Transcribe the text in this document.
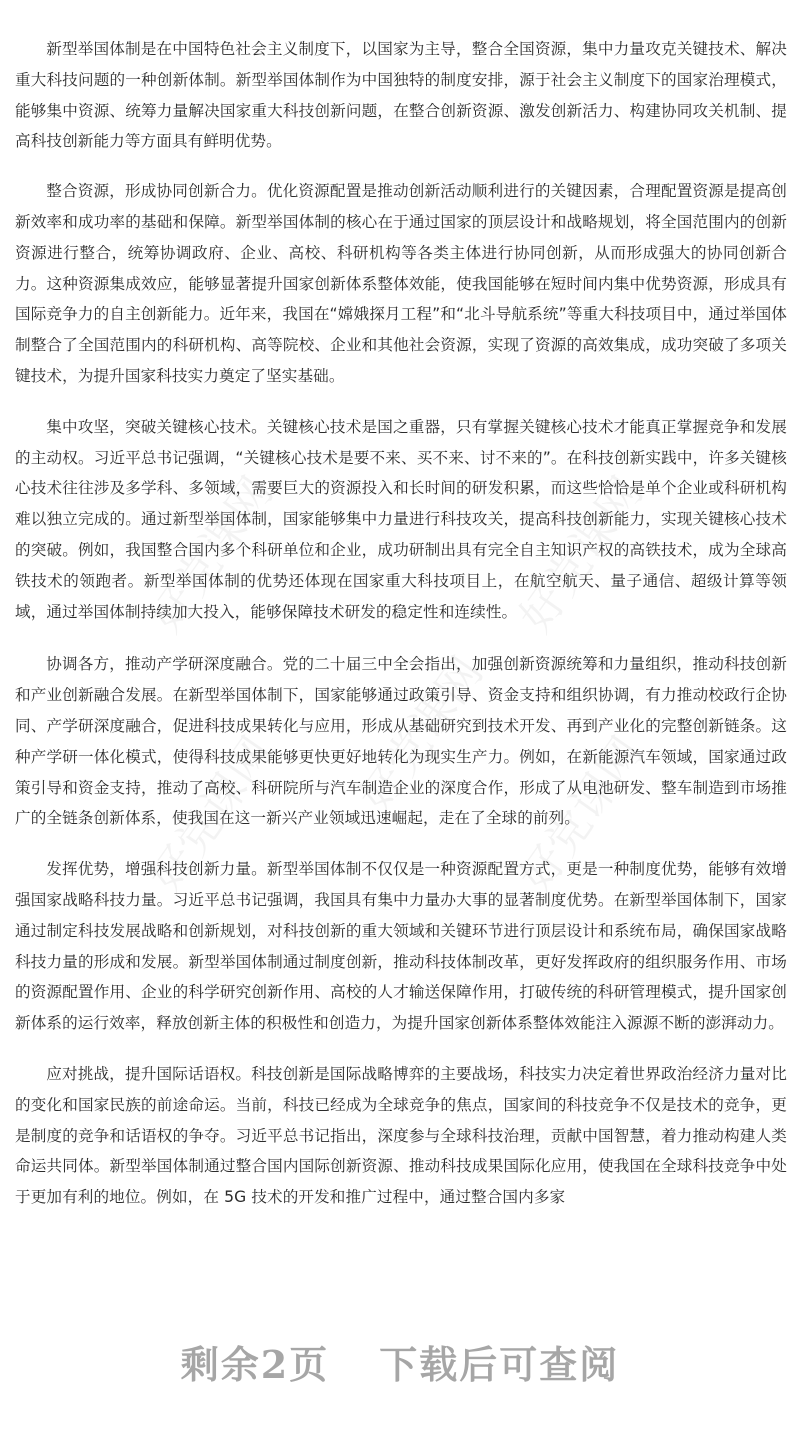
好党课网
好党课网	好党课网
好党课网	好党课网

新型举国体制是在中国特色社会主义制度下，以国家为主导，整合全国资源，集中力量攻克关键技术、解决重大科技问题的一种创新体制。新型举国体制作为中国独特的制度安排，源于社会主义制度下的国家治理模式，能够集中资源、统筹力量解决国家重大科技创新问题，在整合创新资源、激发创新活力、构建协同攻关机制、提高科技创新能力等方面具有鲜明优势。

整合资源，形成协同创新合力。优化资源配置是推动创新活动顺利进行的关键因素，合理配置资源是提高创新效率和成功率的基础和保障。新型举国体制的核心在于通过国家的顶层设计和战略规划，将全国范围内的创新资源进行整合，统筹协调政府、企业、高校、科研机构等各类主体进行协同创新，从而形成强大的协同创新合力。这种资源集成效应，能够显著提升国家创新体系整体效能，使我国能够在短时间内集中优势资源，形成具有国际竞争力的自主创新能力。近年来，我国在“嫦娥探月工程”和“北斗导航系统”等重大科技项目中，通过举国体制整合了全国范围内的科研机构、高等院校、企业和其他社会资源，实现了资源的高效集成，成功突破了多项关键技术，为提升国家科技实力奠定了坚实基础。

集中攻坚，突破关键核心技术。关键核心技术是国之重器，只有掌握关键核心技术才能真正掌握竞争和发展的主动权。习近平总书记强调，“关键核心技术是要不来、买不来、讨不来的”。在科技创新实践中，许多关键核心技术往往涉及多学科、多领域，需要巨大的资源投入和长时间的研发积累，而这些恰恰是单个企业或科研机构难以独立完成的。通过新型举国体制，国家能够集中力量进行科技攻关，提高科技创新能力，实现关键核心技术的突破。例如，我国整合国内多个科研单位和企业，成功研制出具有完全自主知识产权的高铁技术，成为全球高铁技术的领跑者。新型举国体制的优势还体现在国家重大科技项目上，在航空航天、量子通信、超级计算等领域，通过举国体制持续加大投入，能够保障技术研发的稳定性和连续性。

协调各方，推动产学研深度融合。党的二十届三中全会指出，加强创新资源统筹和力量组织，推动科技创新和产业创新融合发展。在新型举国体制下，国家能够通过政策引导、资金支持和组织协调，有力推动校政行企协同、产学研深度融合，促进科技成果转化与应用，形成从基础研究到技术开发、再到产业化的完整创新链条。这种产学研一体化模式，使得科技成果能够更快更好地转化为现实生产力。例如，在新能源汽车领域，国家通过政策引导和资金支持，推动了高校、科研院所与汽车制造企业的深度合作，形成了从电池研发、整车制造到市场推广的全链条创新体系，使我国在这一新兴产业领域迅速崛起，走在了全球的前列。

发挥优势，增强科技创新力量。新型举国体制不仅仅是一种资源配置方式，更是一种制度优势，能够有效增强国家战略科技力量。习近平总书记强调，我国具有集中力量办大事的显著制度优势。在新型举国体制下，国家通过制定科技发展战略和创新规划，对科技创新的重大领域和关键环节进行顶层设计和系统布局，确保国家战略科技力量的形成和发展。新型举国体制通过制度创新，推动科技体制改革，更好发挥政府的组织服务作用、市场的资源配置作用、企业的科学研究创新作用、高校的人才输送保障作用，打破传统的科研管理模式，提升国家创新体系的运行效率，释放创新主体的积极性和创造力，为提升国家创新体系整体效能注入源源不断的澎湃动力。

应对挑战，提升国际话语权。科技创新是国际战略博弈的主要战场，科技实力决定着世界政治经济力量对比的变化和国家民族的前途命运。当前，科技已经成为全球竞争的焦点，国家间的科技竞争不仅是技术的竞争，更是制度的竞争和话语权的争夺。习近平总书记指出，深度参与全球科技治理，贡献中国智慧，着力推动构建人类命运共同体。新型举国体制通过整合国内国际创新资源、推动科技成果国际化应用，使我国在全球科技竞争中处于更加有利的地位。例如，在 5G 技术的开发和推广过程中，通过整合国内多家

剩余2页 下载后可查阅
